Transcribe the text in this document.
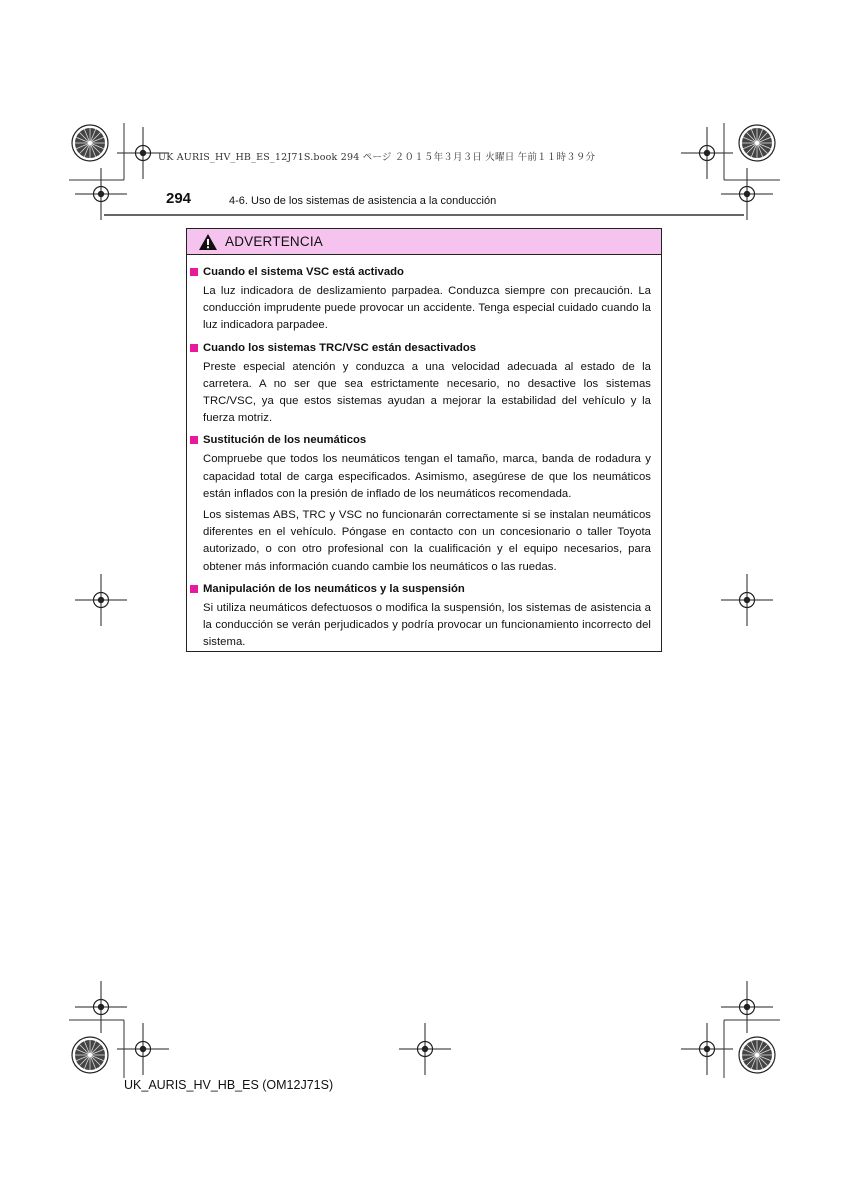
UK AURIS_HV_HB_ES_12J71S.book 294 ページ ２０１５年３月３日 火曜日 午前１１時３９分
294	4-6. Uso de los sistemas de asistencia a la conducción
ADVERTENCIA
Cuando el sistema VSC está activado

La luz indicadora de deslizamiento parpadea. Conduzca siempre con precaución. La conducción imprudente puede provocar un accidente. Tenga especial cuidado cuando la luz indicadora parpadee.

Cuando los sistemas TRC/VSC están desactivados

Preste especial atención y conduzca a una velocidad adecuada al estado de la carretera. A no ser que sea estrictamente necesario, no desactive los sistemas TRC/VSC, ya que estos sistemas ayudan a mejorar la estabilidad del vehículo y la fuerza motriz.

Sustitución de los neumáticos

Compruebe que todos los neumáticos tengan el tamaño, marca, banda de rodadura y capacidad total de carga especificados. Asimismo, asegúrese de que los neumáticos están inflados con la presión de inflado de los neumáticos recomendada.

Los sistemas ABS, TRC y VSC no funcionarán correctamente si se instalan neumáticos diferentes en el vehículo. Póngase en contacto con un concesionario o taller Toyota autorizado, o con otro profesional con la cualificación y el equipo necesarios, para obtener más información cuando cambie los neumáticos o las ruedas.

Manipulación de los neumáticos y la suspensión

Si utiliza neumáticos defectuosos o modifica la suspensión, los sistemas de asistencia a la conducción se verán perjudicados y podría provocar un funcionamiento incorrecto del sistema.

UK_AURIS_HV_HB_ES (OM12J71S)
